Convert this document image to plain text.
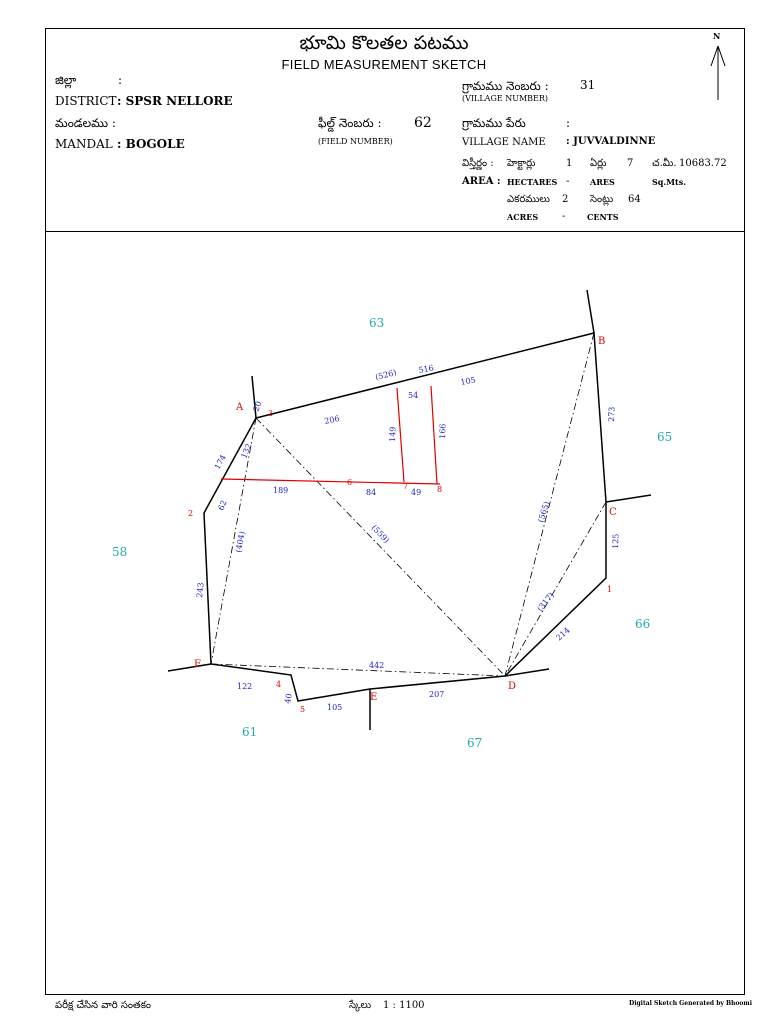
భూమి కొలతల పటము
FIELD MEASUREMENT SKETCH
జిల్లా	:
DISTRICT : SPSR NELLORE
మండలము :
MANDAL : BOGOLE
ఫీల్డ్ నెంబరు : 62
(FIELD NUMBER)
గ్రామము నెంబరు :	31
(VILLAGE NUMBER)
గ్రామము పేరు	:
VILLAGE NAME : JUVVALDINNE
విస్తీర్ణం : హెక్టార్లు	1 ఏర్లు 7 చ.మీ. 10683.72
AREA : HECTARES -	ARES	Sq.Mts.
ఎకరములు 2 సెంట్లు 64
ACRES -	CENTS
N
A
B
C
D
E
F
1
2
3
4
5
6	7	8
63
65
66
67
61
58
20
206
(526)	516
105
54
149	166
273
174
132
62
189	84	49
(404)	(559)
(565)
125
(317)
214
243
442
122
40
105
207
పరీక్ష చేసిన వారి సంతకం	స్కేలు 1 : 1100	Digital Sketch Generated by Bhoomi
